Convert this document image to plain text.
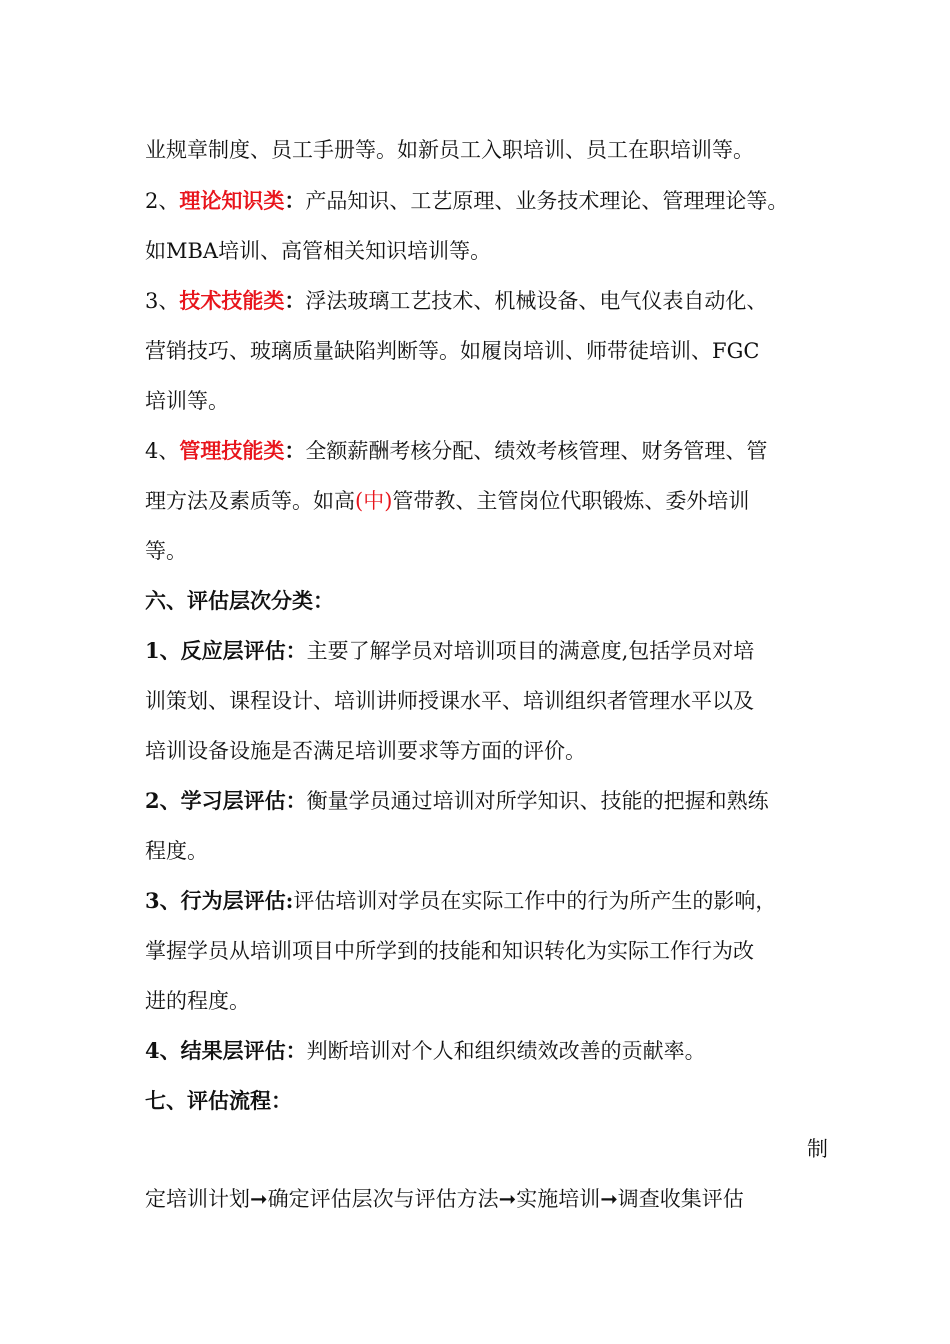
业规章制度、员工手册等。如新员工入职培训、员工在职培训等。
2、理论知识类：产品知识、工艺原理、业务技术理论、管理理论等。
如MBA培训、高管相关知识培训等。
3、技术技能类：浮法玻璃工艺技术、机械设备、电气仪表自动化、
营销技巧、玻璃质量缺陷判断等。如履岗培训、师带徒培训、FGC
培训等。
4、管理技能类：全额薪酬考核分配、绩效考核管理、财务管理、管
理方法及素质等。如高(中)管带教、主管岗位代职锻炼、委外培训
等。
六、评估层次分类：
1、反应层评估：主要了解学员对培训项目的满意度,包括学员对培
训策划、课程设计、培训讲师授课水平、培训组织者管理水平以及
培训设备设施是否满足培训要求等方面的评价。
2、学习层评估：衡量学员通过培训对所学知识、技能的把握和熟练
程度。
3、行为层评估:评估培训对学员在实际工作中的行为所产生的影响，
掌握学员从培训项目中所学到的技能和知识转化为实际工作行为改
进的程度。
4、结果层评估：判断培训对个人和组织绩效改善的贡献率。
七、评估流程：
制
定培训计划➞确定评估层次与评估方法➞实施培训➞调查收集评估
